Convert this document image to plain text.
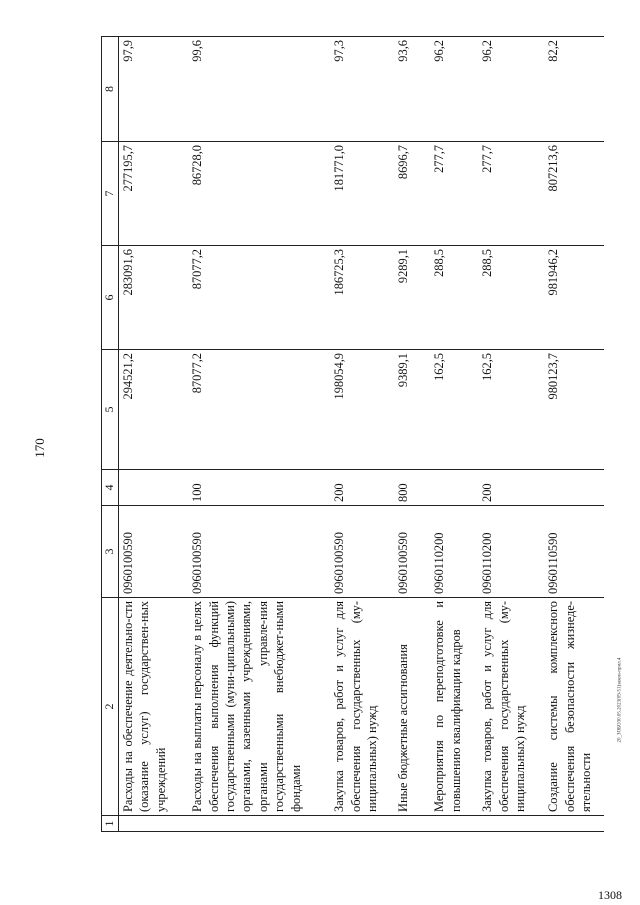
170
20_ЗОБО30.05.2023(09-51)закон-прил.4
1308
1	2	3	4	5	6	7	8
	Расходы на обеспечение деятельно-сти (оказание услуг) государствен-ных учреждений	0960100590		294521,2	283091,6	277195,7	97,9
	Расходы на выплаты персоналу в целях обеспечения выполнения функций государственными (муни-ципальными) органами, казенными учреждениями, органами управле-ния государственными внебюджет-ными фондами	0960100590	100	87077,2	87077,2	86728,0	99,6
	Закупка товаров, работ и услуг для обеспечения государственных (му-ниципальных) нужд	0960100590	200	198054,9	186725,3	181771,0	97,3
	Иные бюджетные ассигнования	0960100590	800	9389,1	9289,1	8696,7	93,6
	Мероприятия по переподготовке и повышению квалификации кадров	0960110200		162,5	288,5	277,7	96,2
	Закупка товаров, работ и услуг для обеспечения государственных (му-ниципальных) нужд	0960110200	200	162,5	288,5	277,7	96,2
	Создание системы комплексного обеспечения безопасности жизнеде-ятельности	0960110590		980123,7	981946,2	807213,6	82,2
